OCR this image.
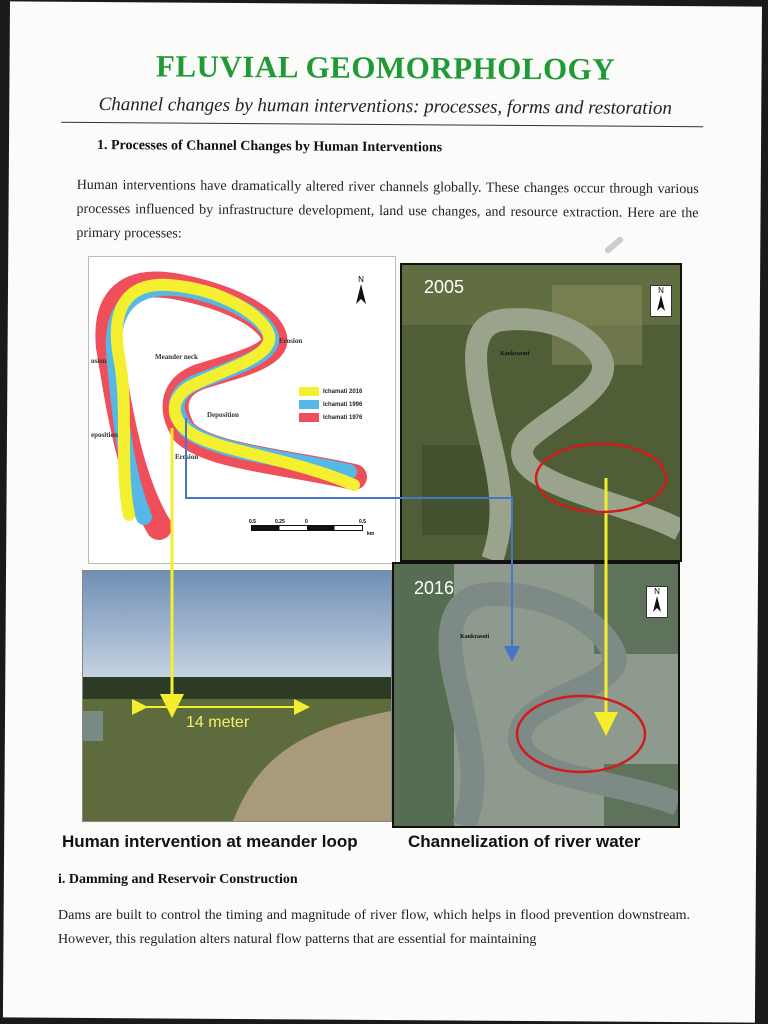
FLUVIAL GEOMORPHOLOGY
Channel changes by human interventions: processes, forms and restoration
1. Processes of Channel Changes by Human Interventions
Human interventions have dramatically altered river channels globally. These changes occur through various processes influenced by infrastructure development, land use changes, and resource extraction. Here are the primary processes:
N
Meander neck
Erosion
osion
Deposition
eposition
Erosion
Ichamati 2016
Ichamati 1996
Ichamati 1976
0.5	0.25	0	0.5
km
2005	N
Kankrasuti
2016	N
Kankrasuti
14 meter
Human intervention at meander loop	Channelization of river water
i. Damming and Reservoir Construction
Dams are built to control the timing and magnitude of river flow, which helps in flood prevention downstream. However, this regulation alters natural flow patterns that are essential for maintaining
